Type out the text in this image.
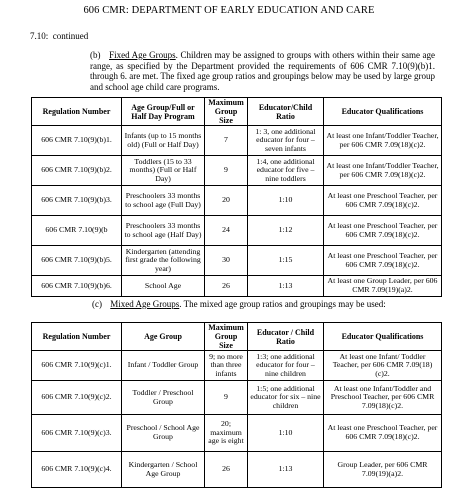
606 CMR: DEPARTMENT OF EARLY EDUCATION AND CARE
7.10: continued
(b) Fixed Age Groups. Children may be assigned to groups with others within their same age range, as specified by the Department provided the requirements of 606 CMR 7.10(9)(b)1. through 6. are met. The fixed age group ratios and groupings below may be used by large group and school age child care programs.
Regulation Number	Age Group/Full or Half Day Program	Maximum Group Size	Educator/Child Ratio	Educator Qualifications
606 CMR 7.10(9)(b)1.	Infants (up to 15 months old) (Full or Half Day)	7	1: 3, one additional educator for four – seven infants	At least one Infant/Toddler Teacher, per 606 CMR 7.09(18)(c)2.
606 CMR 7.10(9)(b)2.	Toddlers (15 to 33 months) (Full or Half Day)	9	1:4, one additional educator for five – nine toddlers	At least one Infant/Toddler Teacher, per 606 CMR 7.09(18)(c)2.
606 CMR 7.10(9)(b)3.	Preschoolers 33 months to school age (Full Day)	20	1:10	At least one Preschool Teacher, per 606 CMR 7.09(18)(c)2.
606 CMR 7.10(9)(b	Preschoolers 33 months to school age (Half Day)	24	1:12	At least one Preschool Teacher, per 606 CMR 7.09(18)(c)2.
606 CMR 7.10(9)(b)5.	Kindergarten (attending first grade the following year)	30	1:15	At least one Preschool Teacher, per 606 CMR 7.09(18)(c)2.
606 CMR 7.10(9)(b)6.	School Age	26	1:13	At least one Group Leader, per 606 CMR 7.09(19)(a)2.
(c) Mixed Age Groups. The mixed age group ratios and groupings may be used:
Regulation Number	Age Group	Maximum Group Size	Educator / Child Ratio	Educator Qualifications
606 CMR 7.10(9)(c)1.	Infant / Toddler Group	9; no more than three infants	1:3; one additional educator for four – nine children	At least one Infant/ Toddler Teacher, per 606 CMR 7.09(18)(c)2.
606 CMR 7.10(9)(c)2.	Toddler / Preschool Group	9	1:5; one additional educator for six – nine children	At least one Infant/Toddler and Preschool Teacher, per 606 CMR 7.09(18)(c)2.
606 CMR 7.10(9)(c)3.	Preschool / School Age Group	20; maximum age is eight	1:10	At least one Preschool Teacher, per 606 CMR 7.09(18)(c)2.
606 CMR 7.10(9)(c)4.	Kindergarten / School Age Group	26	1:13	Group Leader, per 606 CMR 7.09(19)(a)2.
